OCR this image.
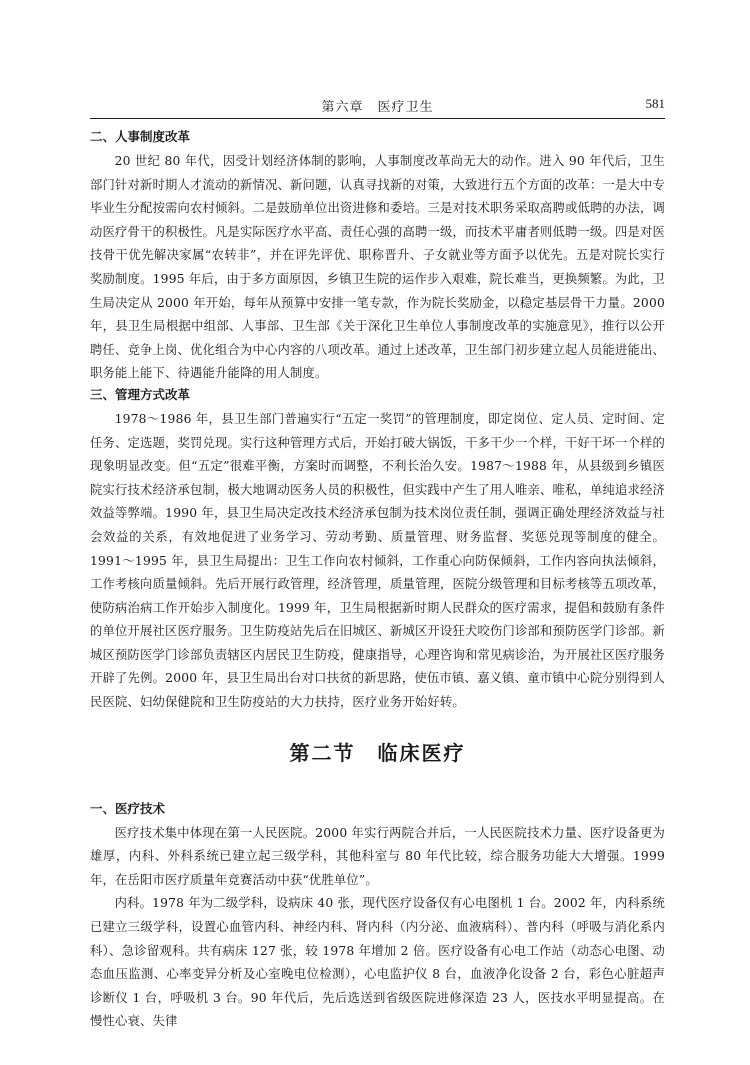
第六章　医疗卫生	581

二、人事制度改革

20 世纪 80 年代，因受计划经济体制的影响，人事制度改革尚无大的动作。进入 90 年代后，卫生部门针对新时期人才流动的新情况、新问题，认真寻找新的对策，大致进行五个方面的改革：一是大中专毕业生分配按需向农村倾斜。二是鼓励单位出资进修和委培。三是对技术职务采取高聘或低聘的办法，调动医疗骨干的积极性。凡是实际医疗水平高、责任心强的高聘一级，而技术平庸者则低聘一级。四是对医技骨干优先解决家属“农转非”，并在评先评优、职称晋升、子女就业等方面予以优先。五是对院长实行奖励制度。1995 年后，由于多方面原因，乡镇卫生院的运作步入艰难，院长难当，更换频繁。为此，卫生局决定从 2000 年开始，每年从预算中安排一笔专款，作为院长奖励金，以稳定基层骨干力量。2000 年，县卫生局根据中组部、人事部、卫生部《关于深化卫生单位人事制度改革的实施意见》，推行以公开聘任、竞争上岗、优化组合为中心内容的八项改革。通过上述改革，卫生部门初步建立起人员能进能出、职务能上能下、待遇能升能降的用人制度。

三、管理方式改革

1978～1986 年，县卫生部门普遍实行“五定一奖罚”的管理制度，即定岗位、定人员、定时间、定任务、定选题，奖罚兑现。实行这种管理方式后，开始打破大锅饭，干多干少一个样，干好干坏一个样的现象明显改变。但“五定”很难平衡，方案时而调整，不利长治久安。1987～1988 年，从县级到乡镇医院实行技术经济承包制，极大地调动医务人员的积极性，但实践中产生了用人唯亲、唯私，单纯追求经济效益等弊端。1990 年，县卫生局决定改技术经济承包制为技术岗位责任制，强调正确处理经济效益与社会效益的关系，有效地促进了业务学习、劳动考勤、质量管理、财务监督、奖惩兑现等制度的健全。1991～1995 年，县卫生局提出：卫生工作向农村倾斜，工作重心向防保倾斜，工作内容向执法倾斜，工作考核向质量倾斜。先后开展行政管理，经济管理，质量管理，医院分级管理和目标考核等五项改革，使防病治病工作开始步入制度化。1999 年，卫生局根据新时期人民群众的医疗需求，提倡和鼓励有条件的单位开展社区医疗服务。卫生防疫站先后在旧城区、新城区开设狂犬咬伤门诊部和预防医学门诊部。新城区预防医学门诊部负责辖区内居民卫生防疫，健康指导，心理咨询和常见病诊治，为开展社区医疗服务开辟了先例。2000 年，县卫生局出台对口扶贫的新思路，使伍市镇、嘉义镇、童市镇中心院分别得到人民医院、妇幼保健院和卫生防疫站的大力扶持，医疗业务开始好转。

第二节　临床医疗

一、医疗技术

医疗技术集中体现在第一人民医院。2000 年实行两院合并后，一人民医院技术力量、医疗设备更为雄厚，内科、外科系统已建立起三级学科，其他科室与 80 年代比较，综合服务功能大大增强。1999 年，在岳阳市医疗质量年竞赛活动中获“优胜单位”。

内科。1978 年为二级学科，设病床 40 张，现代医疗设备仅有心电图机 1 台。2002 年，内科系统已建立三级学科，设置心血管内科、神经内科、肾内科（内分泌、血液病科）、普内科（呼吸与消化系内科）、急诊留观科。共有病床 127 张，较 1978 年增加 2 倍。医疗设备有心电工作站（动态心电图、动态血压监测、心率变异分析及心室晚电位检测），心电监护仪 8 台，血液净化设备 2 台，彩色心脏超声诊断仪 1 台，呼吸机 3 台。90 年代后，先后选送到省级医院进修深造 23 人，医技水平明显提高。在慢性心衰、失律
